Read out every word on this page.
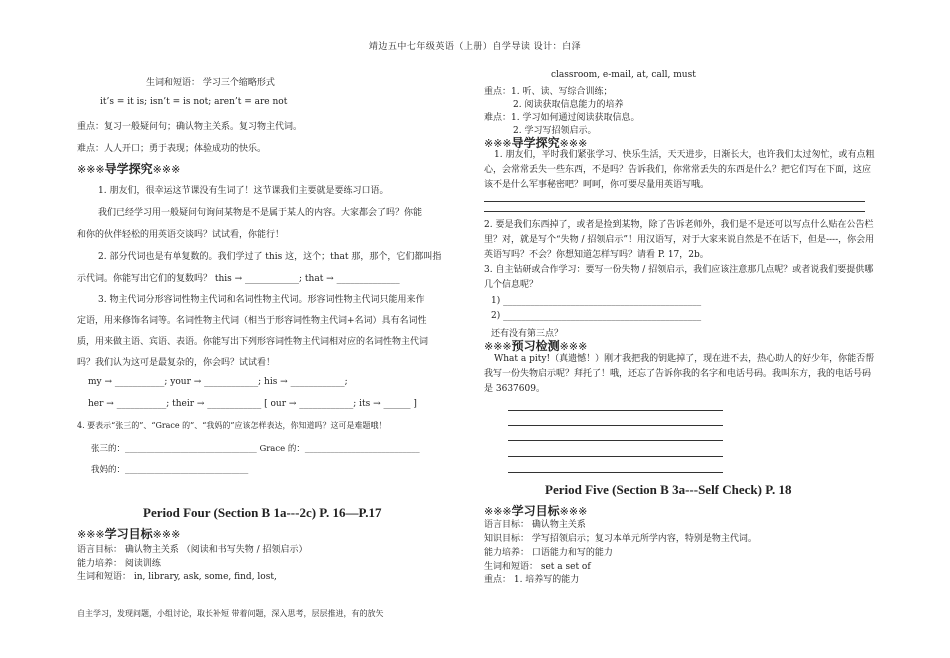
靖边五中七年级英语（上册）自学导读 设计：白泽
生词和短语： 学习三个缩略形式
it’s = it is; isn’t = is not; aren’t = are not
重点：复习一般疑问句；确认物主关系。复习物主代词。
难点：人人开口；勇于表现；体验成功的快乐。
※※※导学探究※※※
1. 朋友们，很幸运这节课没有生词了！这节课我们主要就是要练习口语。
我们已经学习用一般疑问句询问某物是不是属于某人的内容。大家都会了吗？你能
和你的伙伴轻松的用英语交谈吗？试试看，你能行！
2. 部分代词也是有单复数的。我们学过了 this 这，这个；that 那，那个，它们都叫指
示代词。你能写出它们的复数吗？ this → ____________; that → ______________
3. 物主代词分形容词性物主代词和名词性物主代词。形容词性物主代词只能用来作
定语，用来修饰名词等。名词性物主代词（相当于形容词性物主代词+名词）具有名词性
质，用来做主语、宾语、表语。你能写出下列形容词性物主代词相对应的名词性物主代词
吗？我们认为这可是最复杂的，你会吗？试试看！
my → ___________; your → ____________; his → ____________;
her → ___________; their → ____________ [ our → ____________; its → ______ ]
4. 要表示“张三的”、“Grace 的”、“我妈的”应该怎样表达，你知道吗？这可是难题哦！
张三的：_______________________________ Grace 的：___________________________
我妈的：_____________________________
Period Four (Section B 1a---2c) P. 16—P.17
※※※学习目标※※※
语言目标： 确认物主关系 （阅读和书写失物 / 招领启示）
能力培养： 阅读训练
生词和短语： in, library, ask, some, find, lost,
classroom, e-mail, at, call, must
重点：1. 听、读、写综合训练；
2. 阅读获取信息能力的培养
难点：1. 学习如何通过阅读获取信息。
2. 学习写招领启示。
※※※导学探究※※※
1. 朋友们，平时我们紧张学习、快乐生活，天天进步，日渐长大，也许我们太过匆忙，或有点粗心，会常常丢失一些东西，不是吗？告诉我们，你常常丢失的东西是什么？把它们写在下面，这应该不是什么军事秘密吧？呵呵，你可要尽量用英语写哦。
2. 要是我们东西掉了，或者是捡到某物，除了告诉老师外，我们是不是还可以写点什么贴在公告栏里？对，就是写个“失物 / 招领启示”！用汉语写，对于大家来说自然是不在话下，但是----，你会用英语写吗？不会？你想知道怎样写吗？请看 P. 17，2b。
3. 自主钻研或合作学习：要写一份失物 / 招领启示，我们应该注意那几点呢？或者说我们要提供哪几个信息呢？
1) ____________________________________________
2) ____________________________________________
还有没有第三点？
※※※预习检测※※※
What a pity!（真遗憾！）刚才我把我的钥匙掉了，现在进不去，热心助人的好少年，你能否帮我写一份失物启示呢？拜托了！哦，还忘了告诉你我的名字和电话号码。我叫东方，我的电话号码是 3637609。
Period Five (Section B 3a---Self Check) P. 18
※※※学习目标※※※
语言目标： 确认物主关系
知识目标： 学写招领启示；复习本单元所学内容，特别是物主代词。
能力培养： 口语能力和写的能力
生词和短语： set a set of
重点： 1. 培养写的能力
自主学习，发现问题，小组讨论，取长补短 带着问题，深入思考，层层推进，有的放矢
